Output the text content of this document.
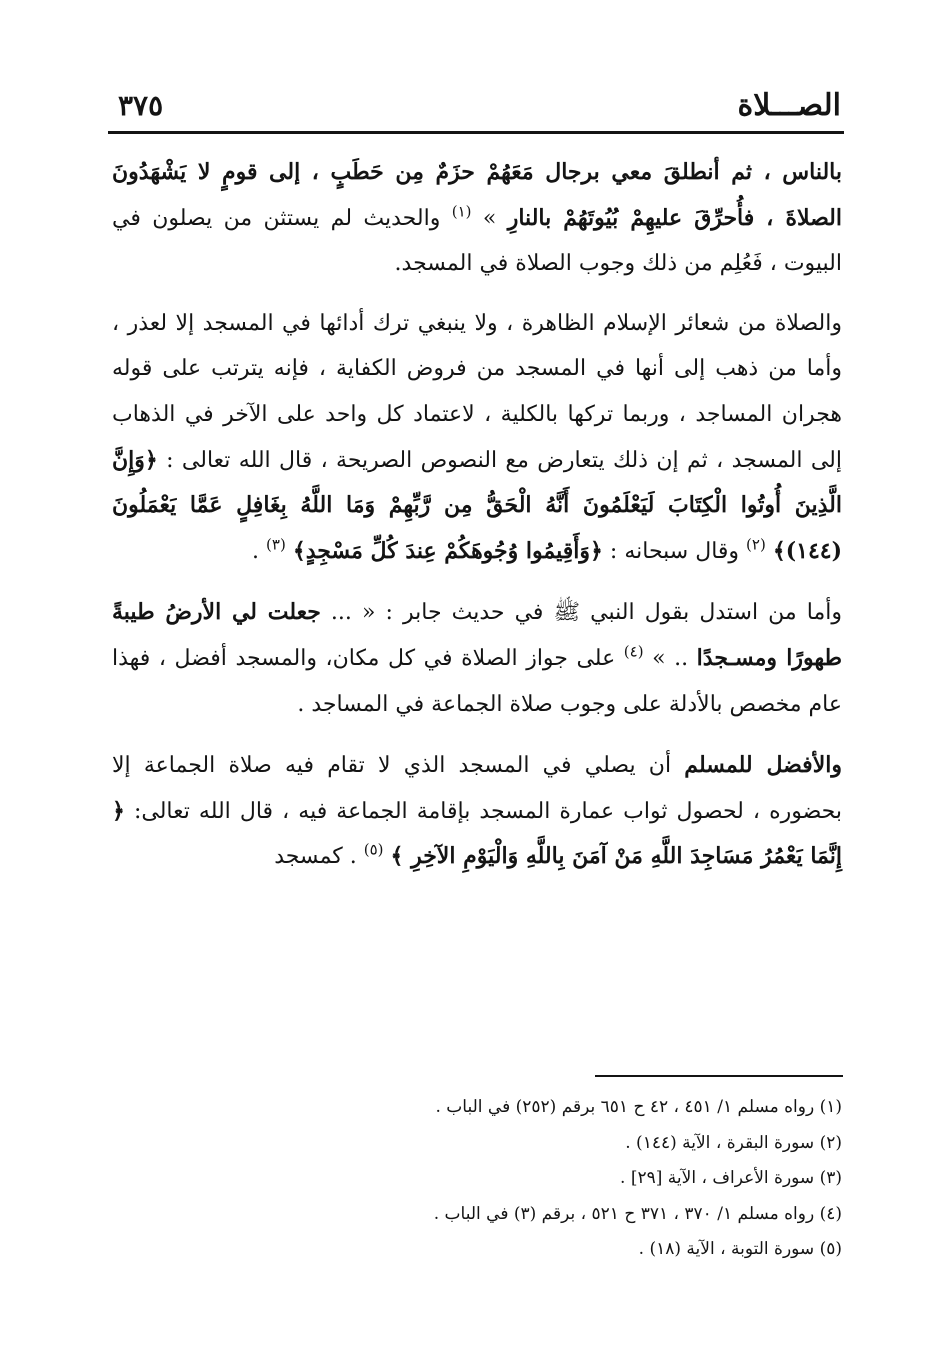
الصـــلاة
٣٧٥

بالناس ، ثم أنطلقَ معي برجال مَعَهُمْ حزَمٌ مِن حَطَبٍ ، إلى قومٍ لا يَشْهَدُونَ الصلاةَ ، فأُحرِّقَ عليهِمْ بُيُوتَهُمْ بالنارِ » $^{(١)}$ والحديث لم يستثن من يصلون في البيوت ، فَعُلِم من ذلك وجوب الصلاة في المسجد.

والصلاة من شعائر الإسلام الظاهرة ، ولا ينبغي ترك أدائها في المسجد إلا لعذر ، وأما من ذهب إلى أنها في المسجد من فروض الكفاية ، فإنه يترتب على قوله هجران المساجد ، وربما تركها بالكلية ، لاعتماد كل واحد على الآخر في الذهاب إلى المسجد ، ثم إن ذلك يتعارض مع النصوص الصريحة ، قال الله تعالى : ﴿وَإِنَّ الَّذِينَ أُوتُوا الْكِتَابَ لَيَعْلَمُونَ أَنَّهُ الْحَقُّ مِن رَّبِّهِمْ وَمَا اللَّهُ بِغَافِلٍ عَمَّا يَعْمَلُونَ (١٤٤)﴾ $^{(٢)}$ وقال سبحانه : ﴿وَأَقِيمُوا وُجُوهَكُمْ عِندَ كُلِّ مَسْجِدٍ﴾ $^{(٣)}$ .

وأما من استدل بقول النبي ﷺ في حديث جابر : « ... جعلت لي الأرضُ طيبةً طهورًا ومسـجدًا .. » $^{(٤)}$ على جواز الصلاة في كل مكان، والمسجد أفضل ، فهذا عام مخصص بالأدلة على وجوب صلاة الجماعة في المساجد .

والأفضل للمسلم أن يصلي في المسجد الذي لا تقام فيه صلاة الجماعة إلا بحضوره ، لحصول ثواب عمارة المسجد بإقامة الجماعة فيه ، قال الله تعالى: ﴿ إِنَّمَا يَعْمُرُ مَسَاجِدَ اللَّهِ مَنْ آمَنَ بِاللَّهِ وَالْيَوْمِ الآخِرِ ﴾ $^{(٥)}$ . كمسجد

(١) رواه مسلم ١/ ٤٥١ ، ٤٢ ح ٦٥١ برقم (٢٥٢) في الباب .
(٢) سورة البقرة ، الآية (١٤٤) .
(٣) سورة الأعراف ، الآية [٢٩] .
(٤) رواه مسلم ١/ ٣٧٠ ، ٣٧١ ح ٥٢١ ، برقم (٣) في الباب .
(٥) سورة التوبة ، الآية (١٨) .
